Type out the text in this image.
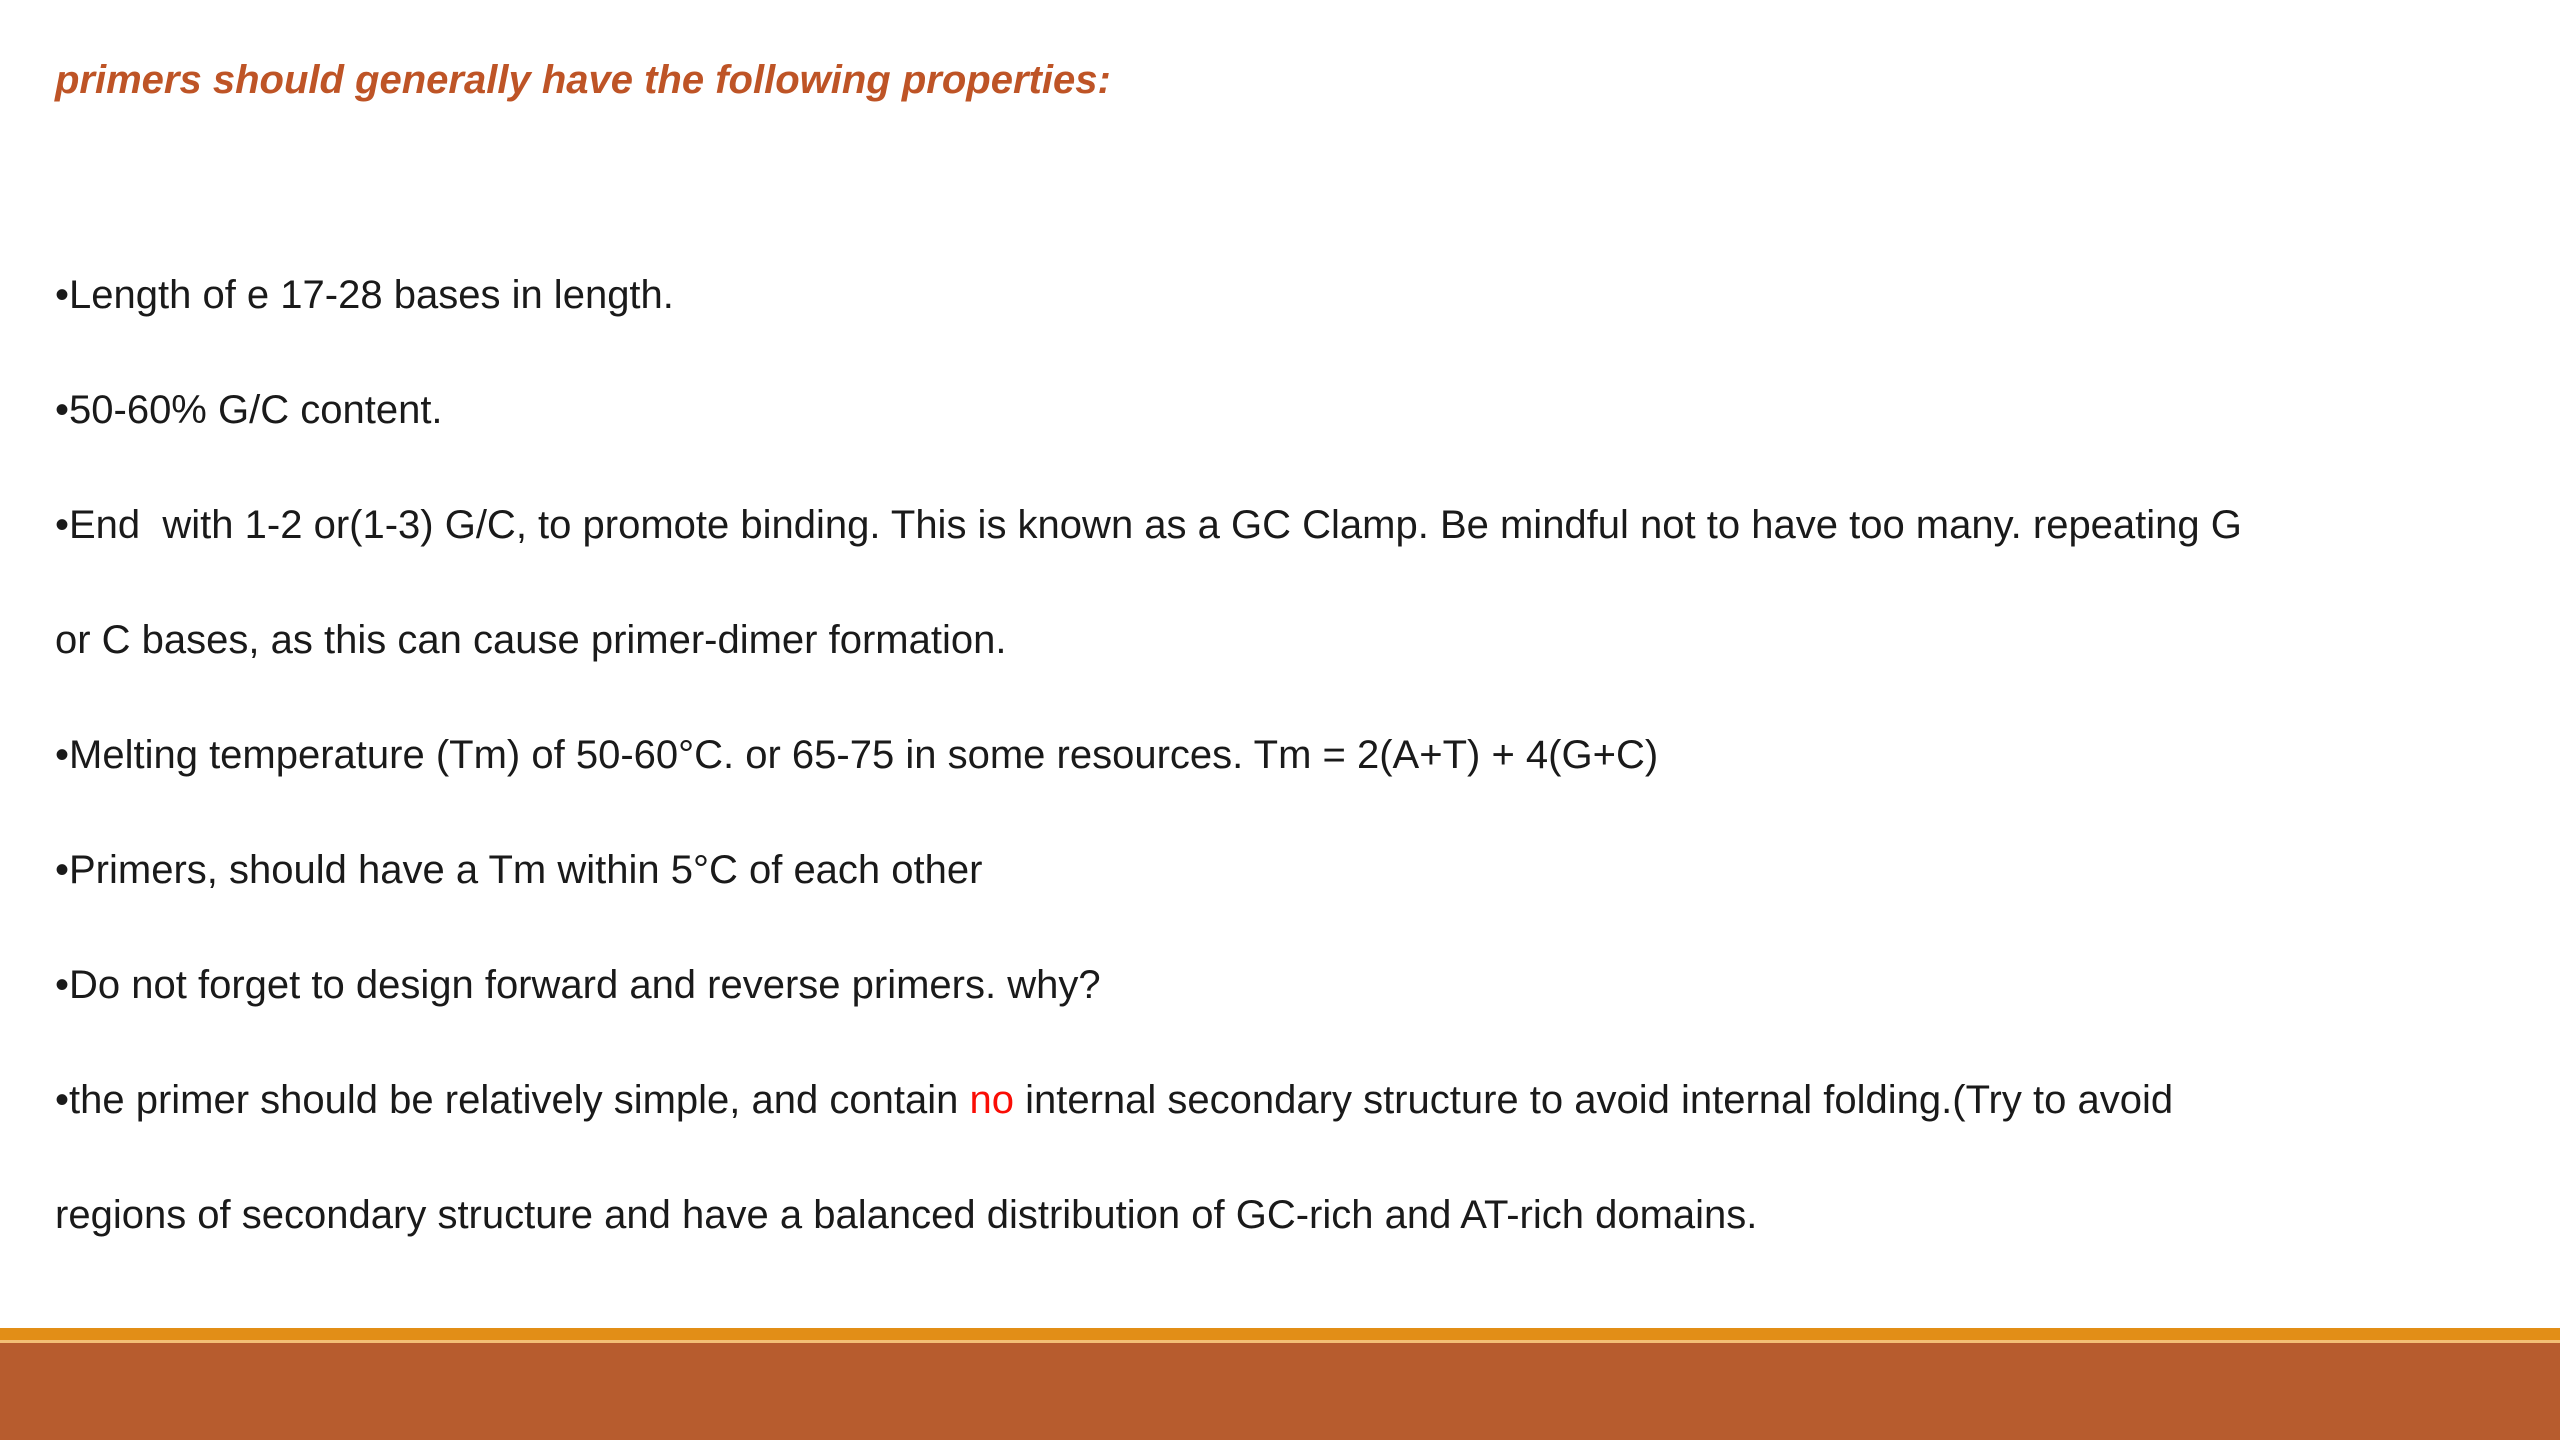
primers should generally have the following properties:
•Length of e 17-28 bases in length.
•50-60% G/C content.
•End  with 1-2 or(1-3) G/C, to promote binding. This is known as a GC Clamp. Be mindful not to have too many. repeating G
or C bases, as this can cause primer-dimer formation.
•Melting temperature (Tm) of 50-60°C. or 65-75 in some resources. Tm = 2(A+T) + 4(G+C)
•Primers, should have a Tm within 5°C of each other
•Do not forget to design forward and reverse primers. why?
•the primer should be relatively simple, and contain no internal secondary structure to avoid internal folding.(Try to avoid
regions of secondary structure and have a balanced distribution of GC-rich and AT-rich domains.
